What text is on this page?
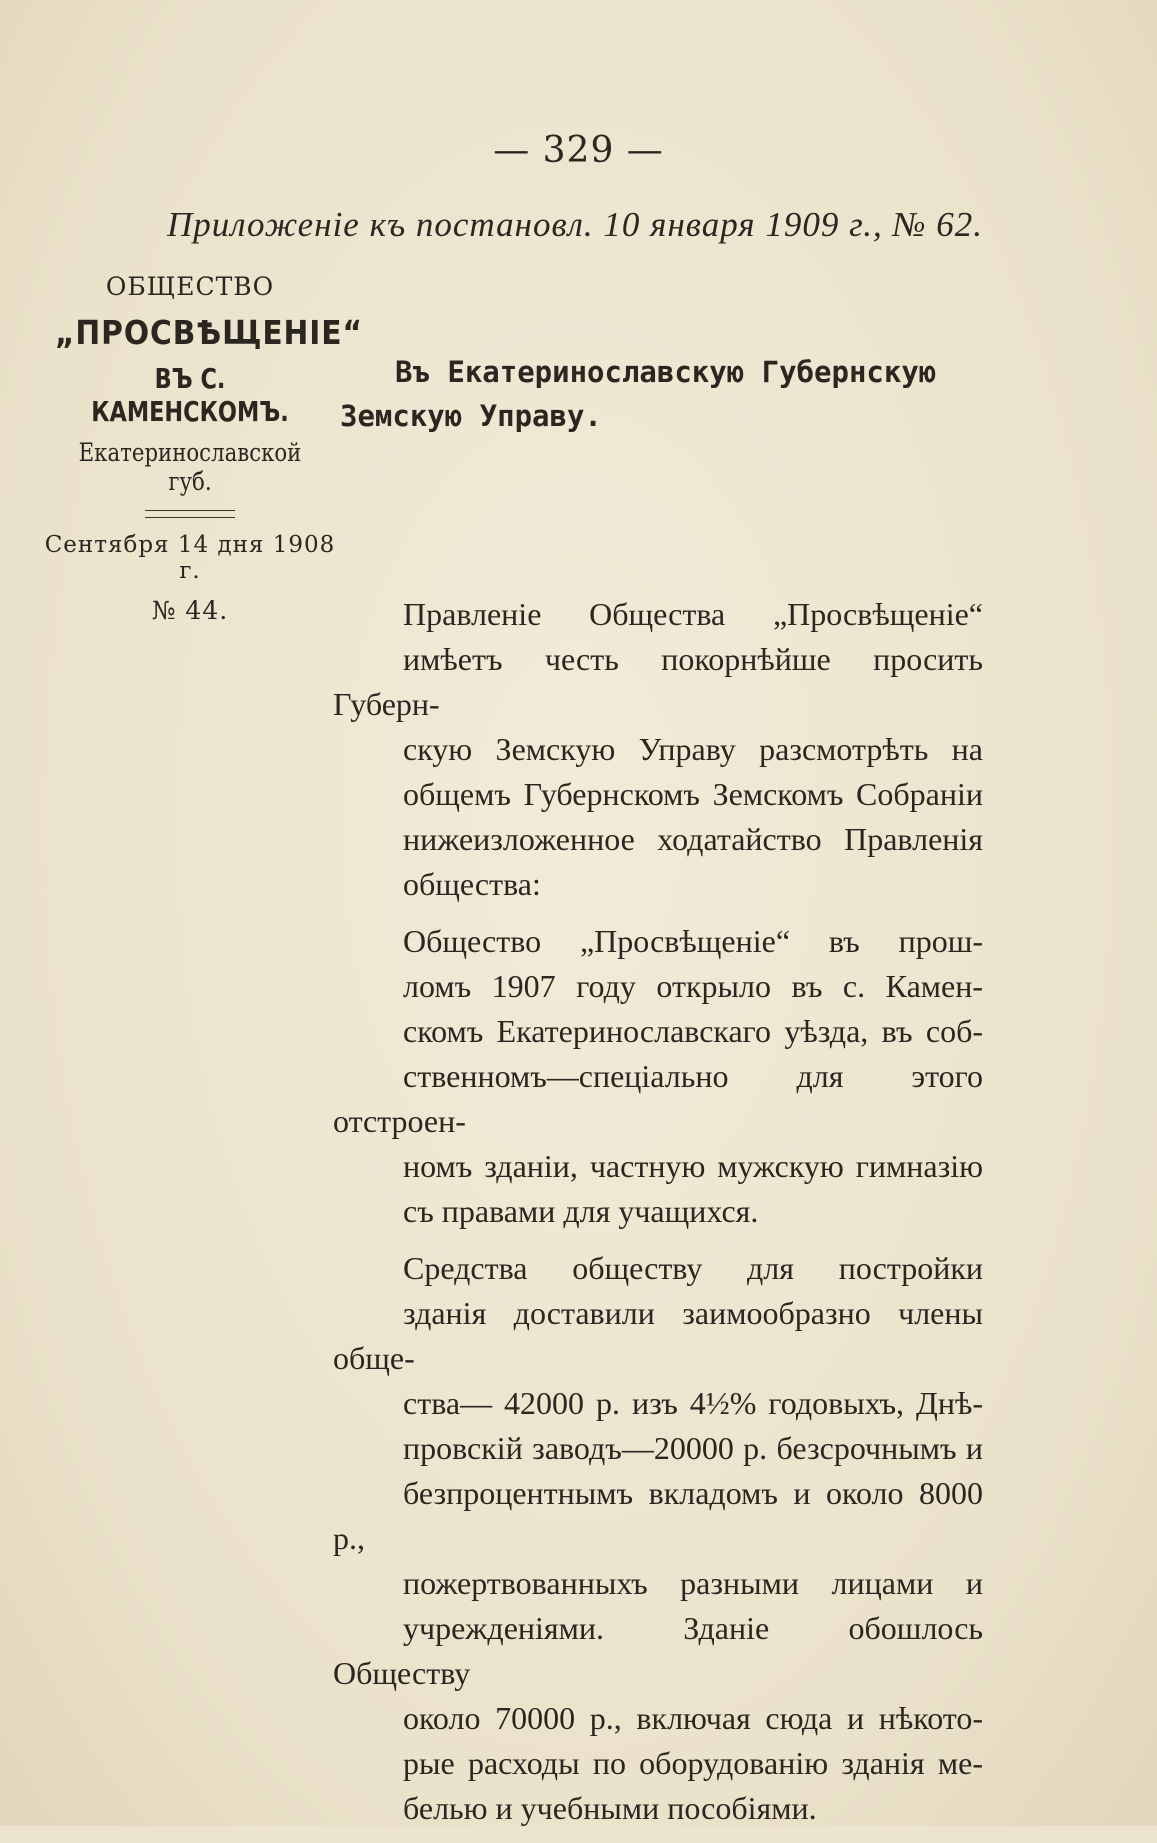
— 329 —
Приложенiе къ постановл. 10 января 1909 г., № 62.
ОБЩЕСТВО
„ПРОСВѢЩЕНIЕ“
ВЪ С. КАМЕНСКОМЪ.
Екатеринославской губ.
Сентября 14 дня 1908 г.
№ 44.
Въ Екатеринославскую Губернскую
Земскую Управу.

Правленiе Общества „Просвѣщенiе“
имѣетъ честь покорнѣйше просить Губерн-
скую Земскую Управу разсмотрѣть на
общемъ Губернскомъ Земскомъ Собранiи
нижеизложенное ходатайство Правленiя
общества:

Общество „Просвѣщенiе“ въ прош-
ломъ 1907 году открыло въ с. Камен-
скомъ Екатеринославскаго уѣзда, въ соб-
ственномъ—спецiально для этого отстроен-
номъ зданiи, частную мужскую гимназiю
съ правами для учащихся.

Средства обществу для постройки
зданiя доставили заимообразно члены обще-
ства— 42000 р. изъ 4½% годовыхъ, Днѣ-
провскiй заводъ—20000 р. безсрочнымъ и
безпроцентнымъ вкладомъ и около 8000 р.,
пожертвованныхъ разными лицами и
учрежденiями. Зданiе обошлось Обществу
около 70000 р., включая сюда и нѣкото-
рые расходы по оборудованiю зданiя ме-
белью и учебными пособiями.
